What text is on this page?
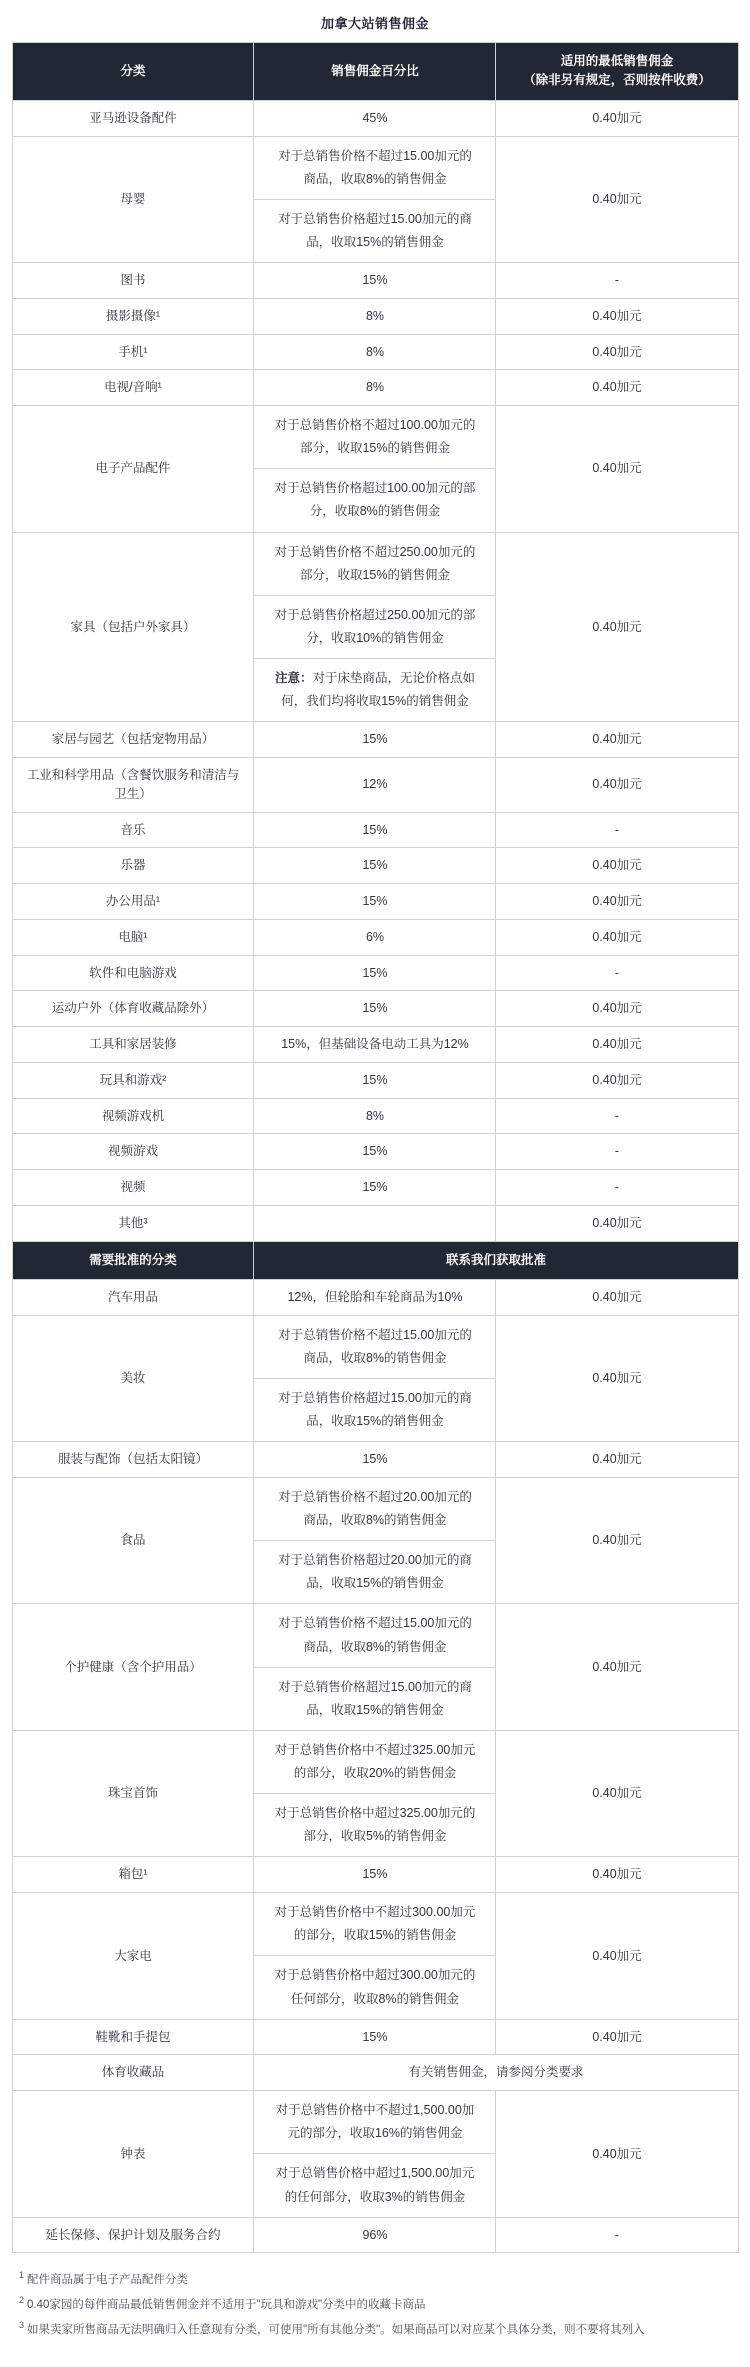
加拿大站销售佣金
分类	销售佣金百分比	适用的最低销售佣金
（除非另有规定，否则按件收费）

亚马逊设备配件	45%	0.40加元
母婴	对于总销售价格不超过15.00加元的商品，收取8%的销售佣金	0.40加元
	对于总销售价格超过15.00加元的商品，收取15%的销售佣金	
图书	15%	-
摄影摄像¹	8%	0.40加元
手机¹	8%	0.40加元
电视/音响¹	8%	0.40加元
电子产品配件	对于总销售价格不超过100.00加元的部分，收取15%的销售佣金	0.40加元
	对于总销售价格超过100.00加元的部分，收取8%的销售佣金	
家具（包括户外家具）	对于总销售价格不超过250.00加元的部分，收取15%的销售佣金	0.40加元
	对于总销售价格超过250.00加元的部分，收取10%的销售佣金	
	注意：对于床垫商品，无论价格点如何，我们均将收取15%的销售佣金	
家居与园艺（包括宠物用品）	15%	0.40加元
工业和科学用品（含餐饮服务和清洁与卫生）	12%	0.40加元
音乐	15%	-
乐器	15%	0.40加元
办公用品¹	15%	0.40加元
电脑¹	6%	0.40加元
软件和电脑游戏	15%	-
运动户外（体育收藏品除外）	15%	0.40加元
工具和家居装修	15%，但基础设备电动工具为12%	0.40加元
玩具和游戏²	15%	0.40加元
视频游戏机	8%	-
视频游戏	15%	-
视频	15%	-
其他³		0.40加元
需要批准的分类	联系我们获取批准	
汽车用品	12%，但轮胎和车轮商品为10%	0.40加元
美妆	对于总销售价格不超过15.00加元的商品，收取8%的销售佣金	0.40加元
	对于总销售价格超过15.00加元的商品，收取15%的销售佣金	
服装与配饰（包括太阳镜）	15%	0.40加元
食品	对于总销售价格不超过20.00加元的商品，收取8%的销售佣金	0.40加元
	对于总销售价格超过20.00加元的商品，收取15%的销售佣金	
个护健康（含个护用品）	对于总销售价格不超过15.00加元的商品，收取8%的销售佣金	0.40加元
	对于总销售价格超过15.00加元的商品，收取15%的销售佣金	
珠宝首饰	对于总销售价格中不超过325.00加元的部分，收取20%的销售佣金	0.40加元
	对于总销售价格中超过325.00加元的部分，收取5%的销售佣金	
箱包¹	15%	0.40加元
大家电	对于总销售价格中不超过300.00加元的部分，收取15%的销售佣金	0.40加元
	对于总销售价格中超过300.00加元的任何部分，收取8%的销售佣金	
鞋靴和手提包	15%	0.40加元
体育收藏品	有关销售佣金，请参阅分类要求	
钟表	对于总销售价格中不超过1,500.00加元的部分，收取16%的销售佣金	0.40加元
	对于总销售价格中超过1,500.00加元的任何部分，收取3%的销售佣金	
延长保修、保护计划及服务合约	96%	-

$^1$ 配件商品属于电子产品配件分类

$^2$ 0.40家园的每件商品最低销售佣金并不适用于"玩具和游戏"分类中的收藏卡商品

$^3$ 如果卖家所售商品无法明确归入任意现有分类，可使用"所有其他分类"。如果商品可以对应某个具体分类，则不要将其列入
